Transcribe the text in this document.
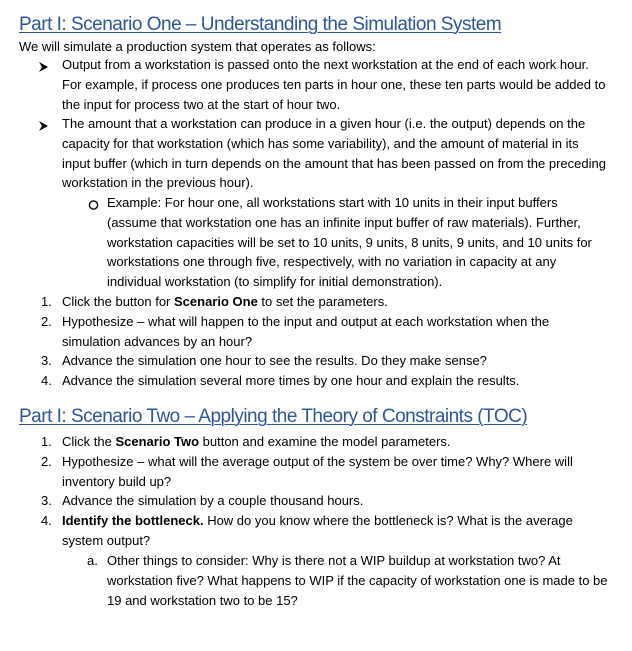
Part I: Scenario One – Understanding the Simulation System
We will simulate a production system that operates as follows:
Output from a workstation is passed onto the next workstation at the end of each work hour. For example, if process one produces ten parts in hour one, these ten parts would be added to the input for process two at the start of hour two.
The amount that a workstation can produce in a given hour (i.e. the output) depends on the capacity for that workstation (which has some variability), and the amount of material in its input buffer (which in turn depends on the amount that has been passed on from the preceding workstation in the previous hour).
Example: For hour one, all workstations start with 10 units in their input buffers (assume that workstation one has an infinite input buffer of raw materials). Further, workstation capacities will be set to 10 units, 9 units, 8 units, 9 units, and 10 units for workstations one through five, respectively, with no variation in capacity at any individual workstation (to simplify for initial demonstration).
1. Click the button for Scenario One to set the parameters.
2. Hypothesize – what will happen to the input and output at each workstation when the simulation advances by an hour?
3. Advance the simulation one hour to see the results. Do they make sense?
4. Advance the simulation several more times by one hour and explain the results.
Part I: Scenario Two – Applying the Theory of Constraints (TOC)
1. Click the Scenario Two button and examine the model parameters.
2. Hypothesize – what will the average output of the system be over time? Why? Where will inventory build up?
3. Advance the simulation by a couple thousand hours.
4. Identify the bottleneck. How do you know where the bottleneck is? What is the average system output?
a. Other things to consider: Why is there not a WIP buildup at workstation two? At workstation five? What happens to WIP if the capacity of workstation one is made to be 19 and workstation two to be 15?
